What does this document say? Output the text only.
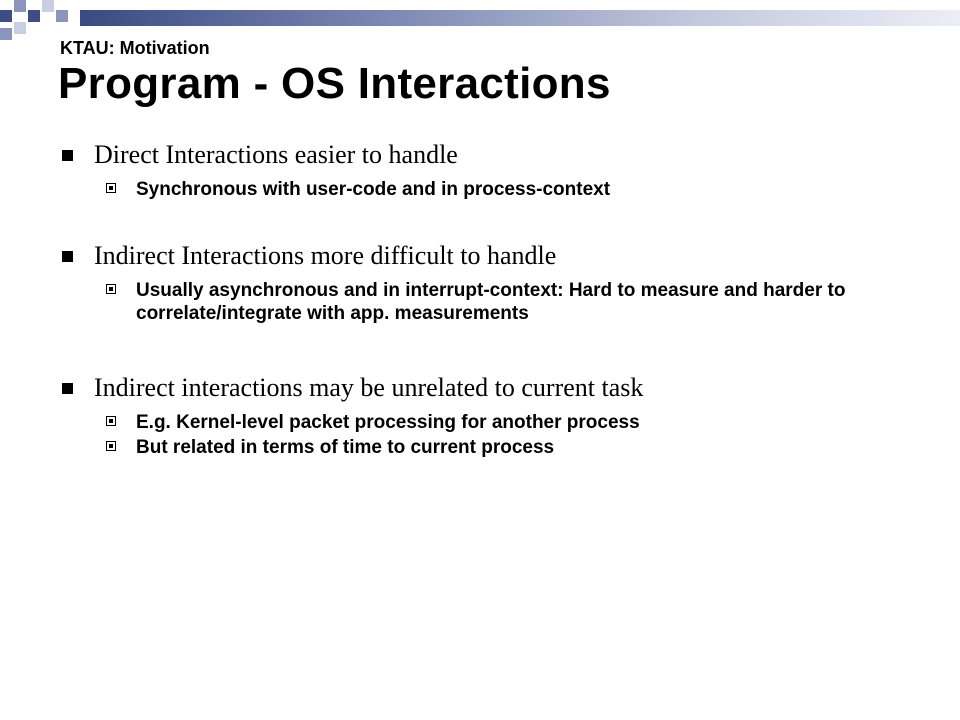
KTAU: Motivation
Program - OS Interactions
Direct Interactions easier to handle
Synchronous with user-code and in process-context
Indirect Interactions more difficult to handle
Usually asynchronous and in interrupt-context: Hard to measure and harder to correlate/integrate with app. measurements
Indirect interactions may be unrelated to current task
E.g. Kernel-level packet processing for another process
But related in terms of time to current process
